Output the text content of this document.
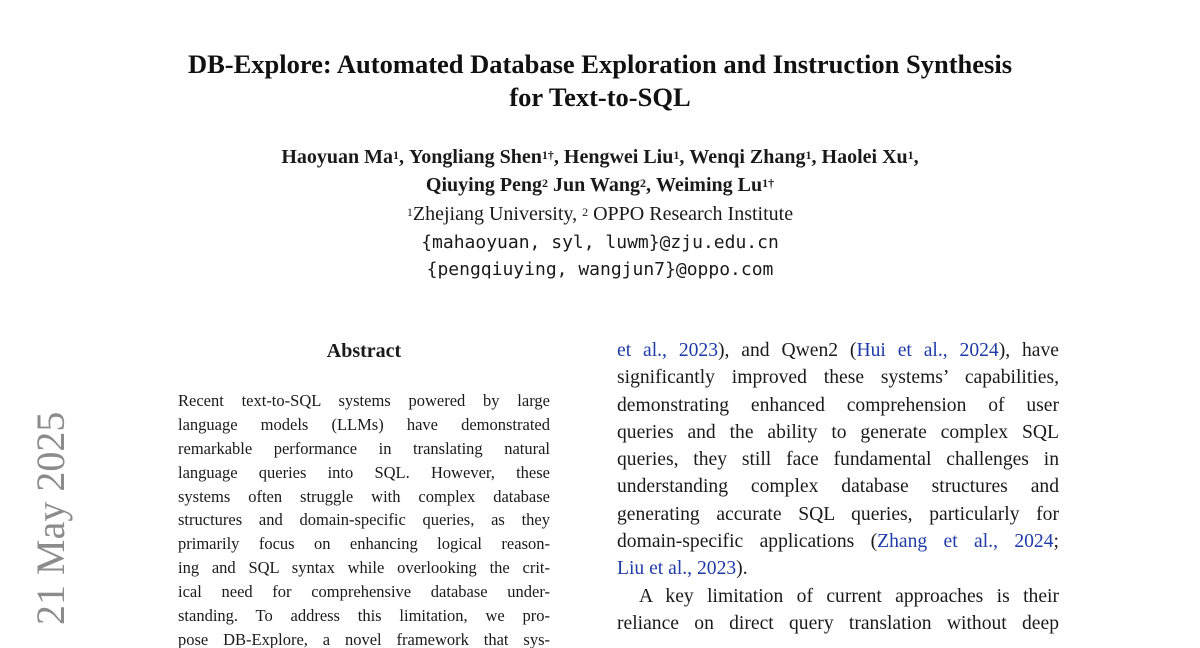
21 May 2025
DB-Explore: Automated Database Exploration and Instruction Synthesis
for Text-to-SQL
Haoyuan Ma$^1$, Yongliang Shen$^{1\dagger}$, Hengwei Liu$^1$, Wenqi Zhang$^1$, Haolei Xu$^1$,
Qiuying Peng$^2$ Jun Wang$^2$, Weiming $Lu^{1\dagger}$
$^1$Zhejiang University, $^2$ OPPO Research Institute
{mahaoyuan, syl, luwm}@zju.edu.cn
{pengqiuying, wangjun7}@oppo.com
Abstract
Recent text-to-SQL systems powered by large
language models (LLMs) have demonstrated
remarkable performance in translating natural
language queries into SQL. However, these
systems often struggle with complex database
structures and domain-specific queries, as they
primarily focus on enhancing logical reason-
ing and SQL syntax while overlooking the crit-
ical need for comprehensive database under-
standing. To address this limitation, we pro-
pose DB-Explore, a novel framework that sys-
et al., 2023), and Qwen2 (Hui et al., 2024), have
significantly improved these systems’ capabilities,
demonstrating enhanced comprehension of user
queries and the ability to generate complex SQL
queries, they still face fundamental challenges in
understanding complex database structures and
generating accurate SQL queries, particularly for
domain-specific applications (Zhang et al., 2024;
Liu et al., 2023).
A key limitation of current approaches is their
reliance on direct query translation without deep
